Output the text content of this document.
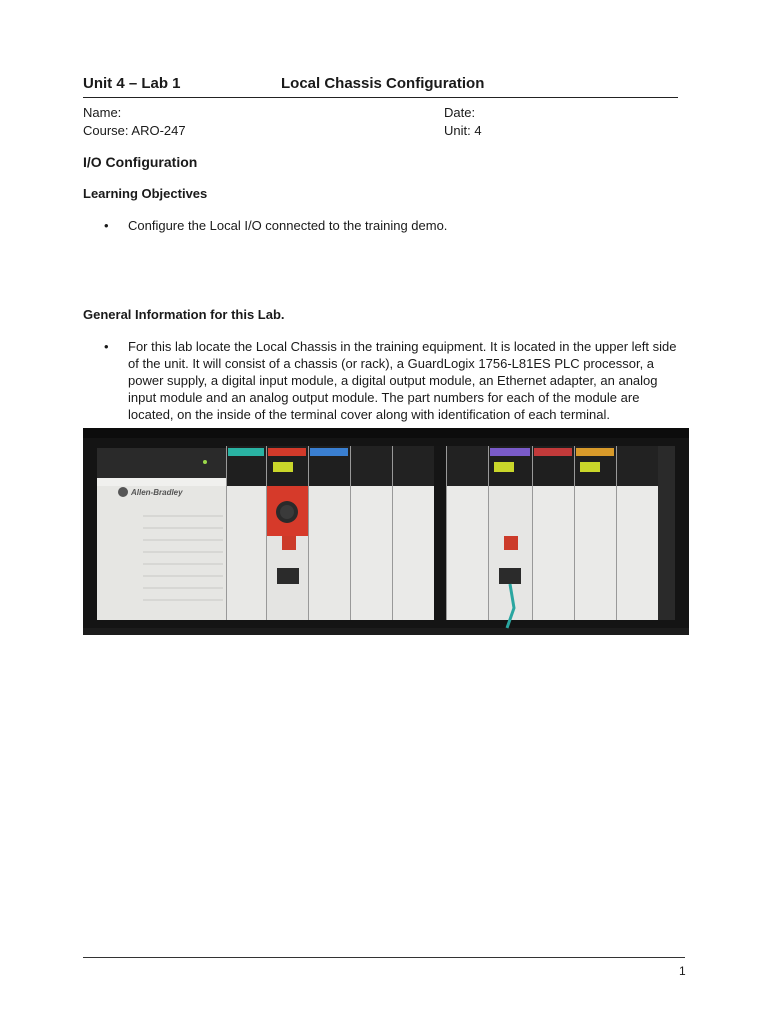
Unit 4 – Lab 1	Local Chassis Configuration
Name:	Date:
Course: ARO-247	Unit: 4
I/O Configuration
Learning Objectives
• Configure the Local I/O connected to the training demo.
General Information for this Lab.
• For this lab locate the Local Chassis in the training equipment. It is located in the upper left side of the unit. It will consist of a chassis (or rack), a GuardLogix 1756-L81ES PLC processor, a power supply, a digital input module, a digital output module, an Ethernet adapter, an analog input module and an analog output module. The part numbers for each of the module are located, on the inside of the terminal cover along with identification of each terminal.
Allen-Bradley
1
